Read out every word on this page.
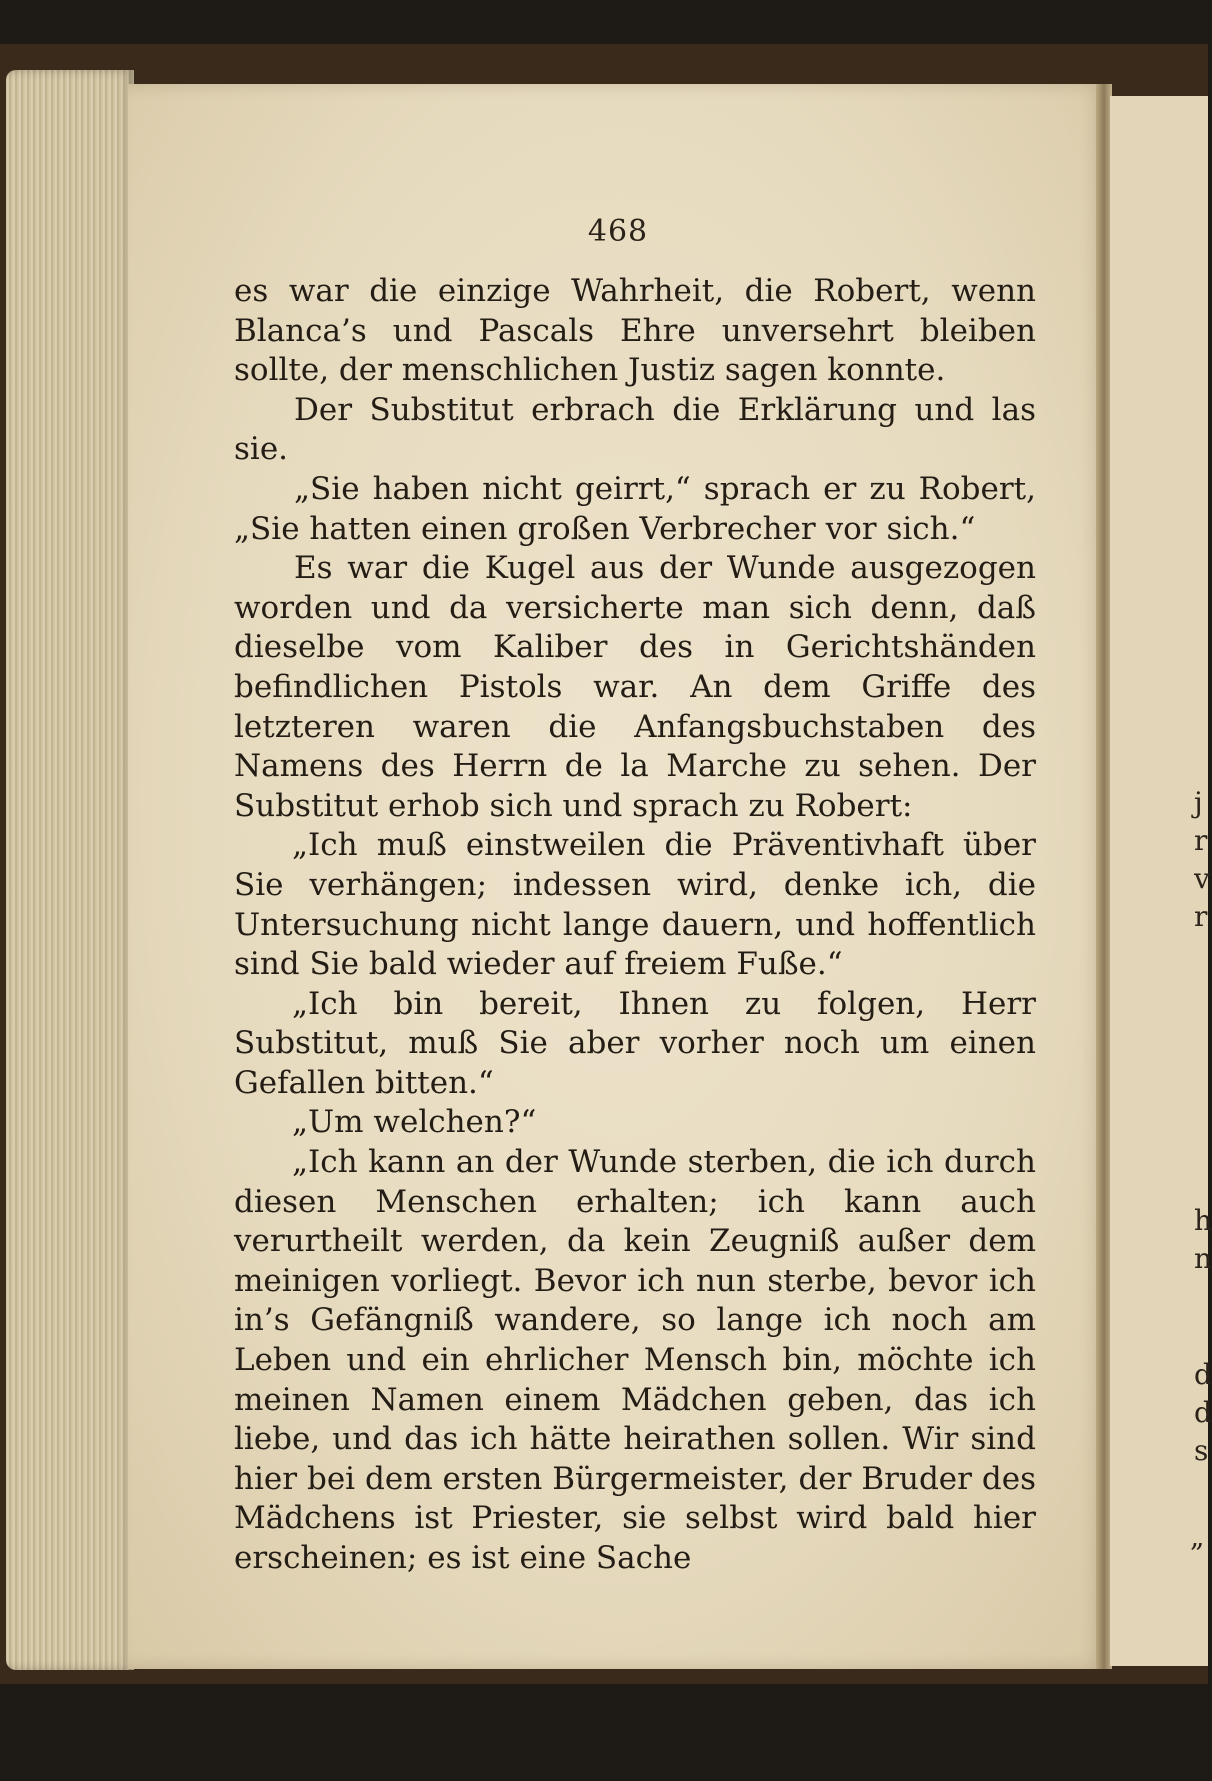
468

es war die einzige Wahrheit, die Robert, wenn Blanca’s und Pascals Ehre unversehrt bleiben sollte, der menschlichen Justiz sagen konnte.

Der Substitut erbrach die Erklärung und las sie.

„Sie haben nicht geirrt,“ sprach er zu Robert, „Sie hatten einen großen Verbrecher vor sich.“

Es war die Kugel aus der Wunde ausgezogen worden und da versicherte man sich denn, daß dieselbe vom Kaliber des in Gerichtshänden befindlichen Pistols war. An dem Griffe des letzteren waren die Anfangsbuchstaben des Namens des Herrn de la Marche zu sehen. Der Substitut erhob sich und sprach zu Robert:

„Ich muß einstweilen die Präventivhaft über Sie verhängen; indessen wird, denke ich, die Untersuchung nicht lange dauern, und hoffentlich sind Sie bald wieder auf freiem Fuße.“

„Ich bin bereit, Ihnen zu folgen, Herr Substitut, muß Sie aber vorher noch um einen Gefallen bitten.“

„Um welchen?“

„Ich kann an der Wunde sterben, die ich durch diesen Menschen erhalten; ich kann auch verurtheilt werden, da kein Zeugniß außer dem meinigen vorliegt. Bevor ich nun sterbe, bevor ich in’s Gefängniß wandere, so lange ich noch am Leben und ein ehrlicher Mensch bin, möchte ich meinen Namen einem Mädchen geben, das ich liebe, und das ich hätte heirathen sollen. Wir sind hier bei dem ersten Bürgermeister, der Bruder des Mädchens ist Priester, sie selbst wird bald hier erscheinen; es ist eine Sache

j
r
v
r
h
n
d
d
s
„
